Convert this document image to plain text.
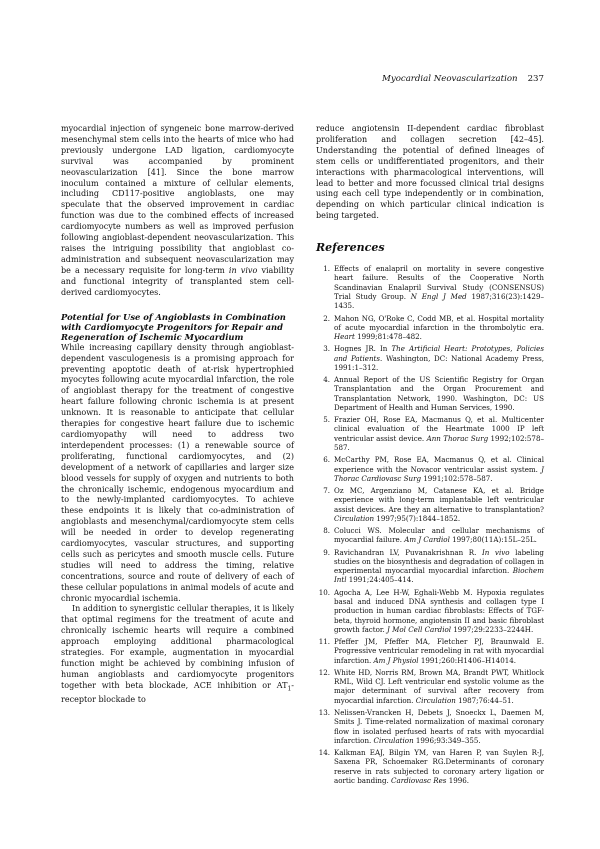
Myocardial Neovascularization 237

myocardial injection of syngeneic bone marrow-derived mesenchymal stem cells into the hearts of mice who had previously undergone LAD ligation, cardiomyocyte survival was accompanied by prominent neovascularization [41]. Since the bone marrow inoculum contained a mixture of cellular elements, including CD117-positive angioblasts, one may speculate that the observed improvement in cardiac function was due to the combined effects of increased cardiomyocyte numbers as well as improved perfusion following angioblast-dependent neovascularization. This raises the intriguing possibility that angioblast co-administration and subsequent neovascularization may be a necessary requisite for long-term in vivo viability and functional integrity of transplanted stem cell-derived cardiomyocytes.

Potential for Use of Angioblasts in Combination with Cardiomyocyte Progenitors for Repair and Regeneration of Ischemic Myocardium

While increasing capillary density through angioblast-dependent vasculogenesis is a promising approach for preventing apoptotic death of at-risk hypertrophied myocytes following acute myocardial infarction, the role of angioblast therapy for the treatment of congestive heart failure following chronic ischemia is at present unknown. It is reasonable to anticipate that cellular therapies for congestive heart failure due to ischemic cardiomyopathy will need to address two interdependent processes: (1) a renewable source of proliferating, functional cardiomyocytes, and (2) development of a network of capillaries and larger size blood vessels for supply of oxygen and nutrients to both the chronically ischemic, endogenous myocardium and to the newly-implanted cardiomyocytes. To achieve these endpoints it is likely that co-administration of angioblasts and mesenchymal/cardiomyocyte stem cells will be needed in order to develop regenerating cardiomyocytes, vascular structures, and supporting cells such as pericytes and smooth muscle cells. Future studies will need to address the timing, relative concentrations, source and route of delivery of each of these cellular populations in animal models of acute and chronic myocardial ischemia.

In addition to synergistic cellular therapies, it is likely that optimal regimens for the treatment of acute and chronically ischemic hearts will require a combined approach employing additional pharmacological strategies. For example, augmentation in myocardial function might be achieved by combining infusion of human angioblasts and cardiomyocyte progenitors together with beta blockade, ACE inhibition or $AT_1$-receptor blockade to

reduce angiotensin II-dependent cardiac fibroblast proliferation and collagen secretion [42–45]. Understanding the potential of defined lineages of stem cells or undifferentiated progenitors, and their interactions with pharmacological interventions, will lead to better and more focussed clinical trial designs using each cell type independently or in combination, depending on which particular clinical indication is being targeted.

References
1. Effects of enalapril on mortality in severe congestive heart failure. Results of the Cooperative North Scandinavian Enalapril Survival Study (CONSENSUS) Trial Study Group. N Engl J Med 1987;316(23):1429–1435.
2. Mahon NG, O'Roke C, Codd MB, et al. Hospital mortality of acute myocardial infarction in the thrombolytic era. Heart 1999;81:478–482.
3. Hognes JR. In The Artificial Heart: Prototypes, Policies and Patients. Washington, DC: National Academy Press, 1991:1–312.
4. Annual Report of the US Scientific Registry for Organ Transplantation and the Organ Procurement and Transplantation Network, 1990. Washington, DC: US Department of Health and Human Services, 1990.
5. Frazier OH, Rose EA, Macmanus Q, et al. Multicenter clinical evaluation of the Heartmate 1000 IP left ventricular assist device. Ann Thorac Surg 1992;102:578–587.
6. McCarthy PM, Rose EA, Macmanus Q, et al. Clinical experience with the Novacor ventricular assist system. J Thorac Cardiovasc Surg 1991;102:578–587.
7. Oz MC, Argenziano M, Catanese KA, et al. Bridge experience with long-term implantable left ventricular assist devices. Are they an alternative to transplantation? Circulation 1997;95(7):1844–1852.
8. Colucci WS. Molecular and cellular mechanisms of myocardial failure. Am J Cardiol 1997;80(11A):15L–25L.
9. Ravichandran LV, Puvanakrishnan R. In vivo labeling studies on the biosynthesis and degradation of collagen in experimental myocardial myocardial infarction. Biochem Intl 1991;24:405–414.
10. Agocha A, Lee H-W, Eghali-Webb M. Hypoxia regulates basal and induced DNA synthesis and collagen type I production in human cardiac fibroblasts: Effects of TGF-beta, thyroid hormone, angiotensin II and basic fibroblast growth factor. J Mol Cell Cardiol 1997;29:2233–2244H.
11. Pfeffer JM, Pfeffer MA, Fletcher PJ, Braunwald E. Progressive ventricular remodeling in rat with myocardial infarction. Am J Physiol 1991;260:H1406–H14014.
12. White HD, Norris RM, Brown MA, Brandt PWT, Whitlock RML, Wild CJ. Left ventricular end systolic volume as the major determinant of survival after recovery from myocardial infarction. Circulation 1987;76:44–51.
13. Nelissen-Vrancken H, Debets J, Snoeckx L, Daemen M, Smits J. Time-related normalization of maximal coronary flow in isolated perfused hearts of rats with myocardial infarction. Circulation 1996;93:349–355.
14. Kalkman EAJ, Bilgin YM, van Haren P, van Suylen R-J, Saxena PR, Schoemaker RG.Determinants of coronary reserve in rats subjected to coronary artery ligation or aortic banding. Cardiovasc Res 1996.
